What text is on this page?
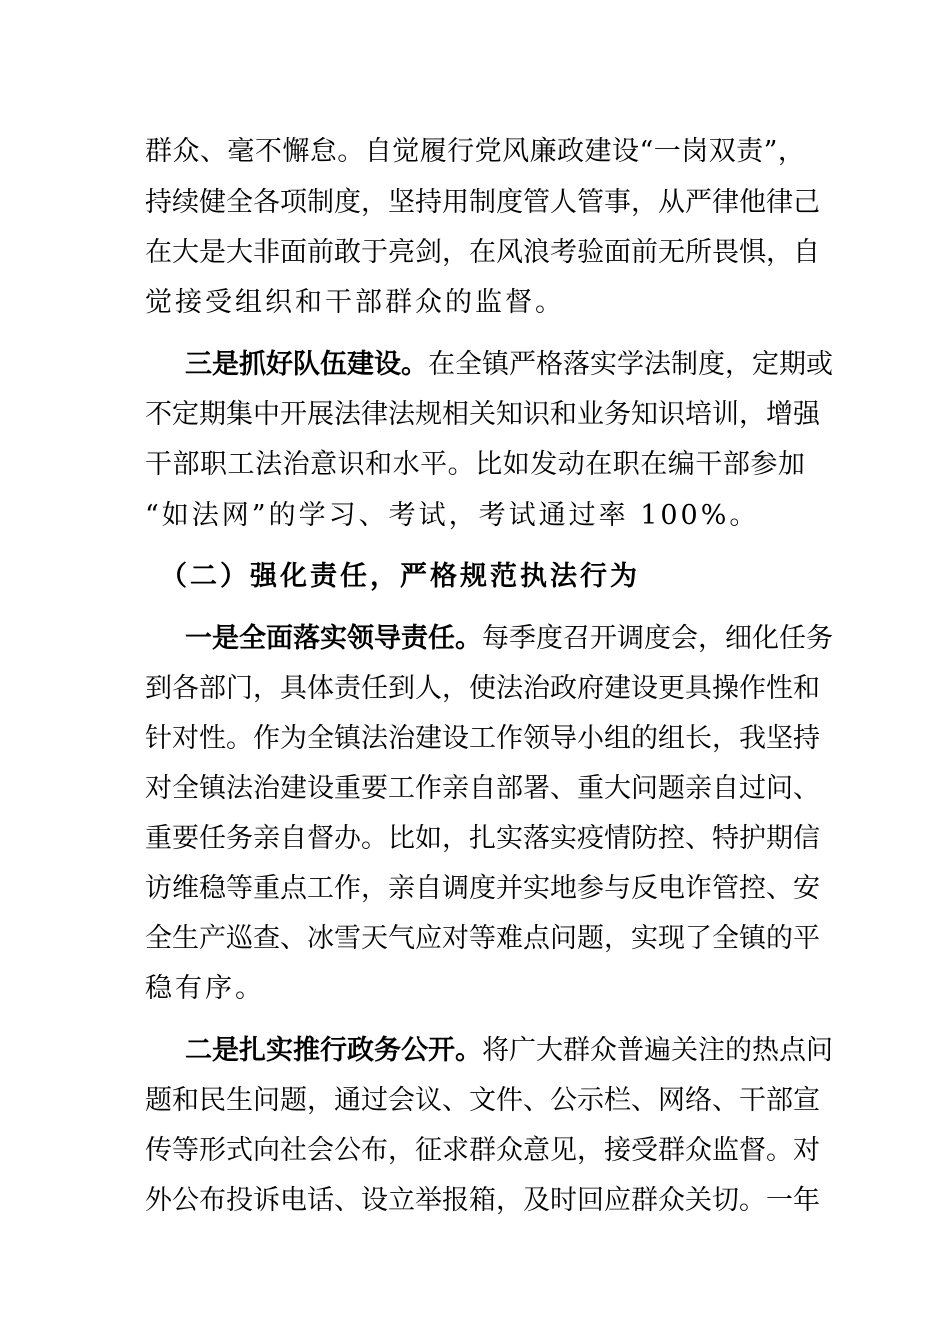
群 众 、 毫 不 懈 怠 。 自 觉 履 行 党 风 廉 政 建 设 “ 一 岗 双 责 ” ，
持 续 健 全 各 项 制 度 ， 坚 持 用 制 度 管 人 管 事 ， 从 严 律 他 律 己
在 大 是 大 非 面 前 敢 于 亮 剑 ， 在 风 浪 考 验 面 前 无 所 畏 惧 ， 自
觉接受组织和干部群众的监督。
三 是 抓 好 队 伍 建 设 。 在 全 镇 严 格 落 实 学 法 制 度 ， 定 期 或
不 定 期 集 中 开 展 法 律 法 规 相 关 知 识 和 业 务 知 识 培 训 ， 增 强
干 部 职 工 法 治 意 识 和 水 平 。 比 如 发 动 在 职 在 编 干 部 参 加
“如法网”的学习、考试，考试通过率 100%。
（二）强化责任，严格规范执法行为
一 是 全 面 落 实 领 导 责 任 。 每 季 度 召 开 调 度 会 ， 细 化 任 务
到 各 部 门 ， 具 体 责 任 到 人 ， 使 法 治 政 府 建 设 更 具 操 作 性 和
针 对 性 。 作 为 全 镇 法 治 建 设 工 作 领 导 小 组 的 组 长 ， 我 坚 持
对 全 镇 法 治 建 设 重 要 工 作 亲 自 部 署 、 重 大 问 题 亲 自 过 问 、
重 要 任 务 亲 自 督 办 。 比 如 ， 扎 实 落 实 疫 情 防 控 、 特 护 期 信
访 维 稳 等 重 点 工 作 ， 亲 自 调 度 并 实 地 参 与 反 电 诈 管 控 、 安
全 生 产 巡 查 、 冰 雪 天 气 应 对 等 难 点 问 题 ， 实 现 了 全 镇 的 平
稳有序。
二 是 扎 实 推 行 政 务 公 开 。 将 广 大 群 众 普 遍 关 注 的 热 点 问
题 和 民 生 问 题 ， 通 过 会 议 、 文 件 、 公 示 栏 、 网 络 、 干 部 宣
传 等 形 式 向 社 会 公 布 ， 征 求 群 众 意 见 ， 接 受 群 众 监 督 。 对
外 公 布 投 诉 电 话 、 设 立 举 报 箱 ， 及 时 回 应 群 众 关 切 。 一 年
